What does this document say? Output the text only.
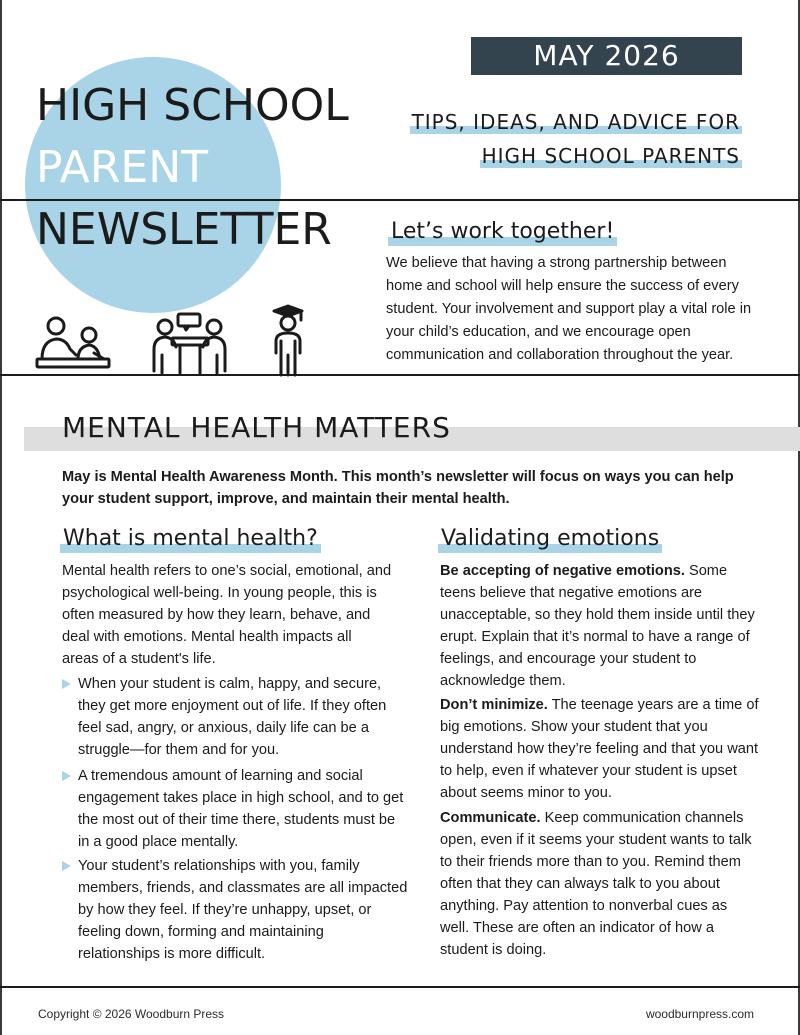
HIGH SCHOOL
PARENT
NEWSLETTER
MAY 2026
TIPS, IDEAS, AND ADVICE FOR
HIGH SCHOOL PARENTS
Let’s work together!
We believe that having a strong partnership between home and school will help ensure the success of every student. Your involvement and support play a vital role in your child’s education, and we encourage open communication and collaboration throughout the year.
MENTAL HEALTH MATTERS
May is Mental Health Awareness Month. This month’s newsletter will focus on ways you can help your student support, improve, and maintain their mental health.
What is mental health?
Mental health refers to one’s social, emotional, and psychological well-being. In young people, this is often measured by how they learn, behave, and deal with emotions. Mental health impacts all areas of a student's life.
When your student is calm, happy, and secure, they get more enjoyment out of life. If they often feel sad, angry, or anxious, daily life can be a struggle—for them and for you.
A tremendous amount of learning and social engagement takes place in high school, and to get the most out of their time there, students must be in a good place mentally.
Your student’s relationships with you, family members, friends, and classmates are all impacted by how they feel. If they’re unhappy, upset, or feeling down, forming and maintaining relationships is more difficult.
Validating emotions
Be accepting of negative emotions. Some teens believe that negative emotions are unacceptable, so they hold them inside until they erupt. Explain that it’s normal to have a range of feelings, and encourage your student to acknowledge them.
Don’t minimize. The teenage years are a time of big emotions. Show your student that you understand how they’re feeling and that you want to help, even if whatever your student is upset about seems minor to you.
Communicate. Keep communication channels open, even if it seems your student wants to talk to their friends more than to you. Remind them often that they can always talk to you about anything. Pay attention to nonverbal cues as well. These are often an indicator of how a student is doing.
Copyright © 2026 Woodburn Press	woodburnpress.com
